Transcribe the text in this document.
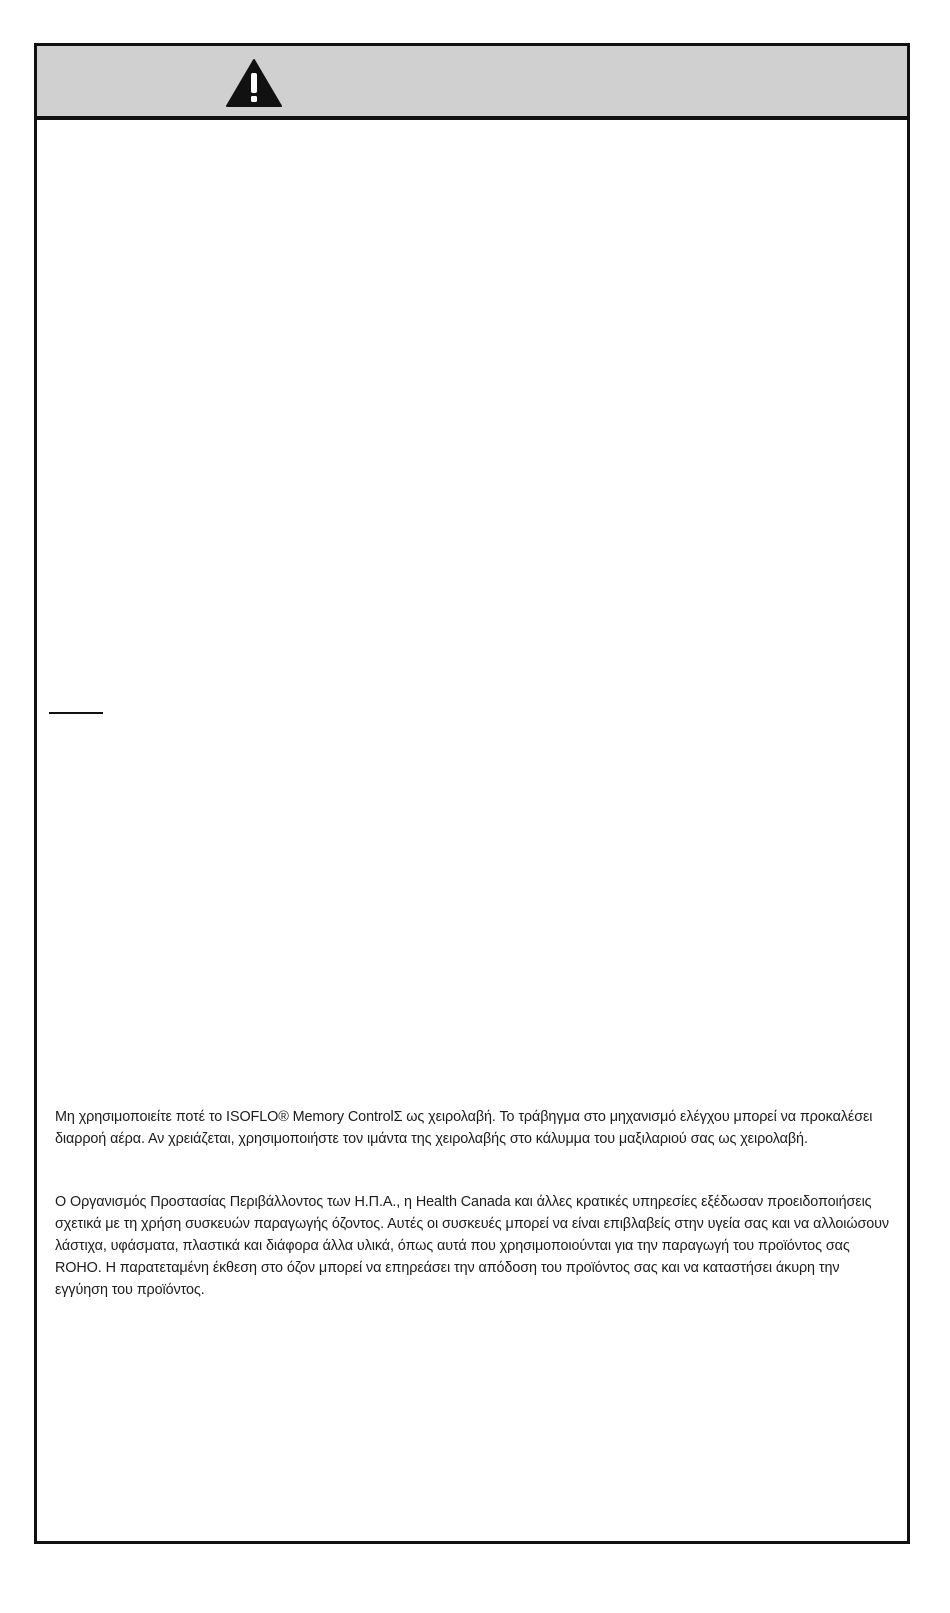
Μη χρησιμοποιείτε ποτέ το ISOFLO® Memory ControlΣ ως χειρολαβή. Το τράβηγμα στο μηχανισμό ελέγχου μπορεί να προκαλέσει διαρροή αέρα. Αν χρειάζεται, χρησιμοποιήστε τον ιμάντα της χειρολαβής στο κάλυμμα του μαξιλαριού σας ως χειρολαβή.
Ο Οργανισμός Προστασίας Περιβάλλοντος των Η.Π.Α., η Health Canada και άλλες κρατικές υπηρεσίες εξέδωσαν προειδοποιήσεις σχετικά με τη χρήση συσκευών παραγωγής όζοντος. Αυτές οι συσκευές μπορεί να είναι επιβλαβείς στην υγεία σας και να αλλοιώσουν λάστιχα, υφάσματα, πλαστικά και διάφορα άλλα υλικά, όπως αυτά που χρησιμοποιούνται για την παραγωγή του προϊόντος σας ROHO. Η παρατεταμένη έκθεση στο όζον μπορεί να επηρεάσει την απόδοση του προϊόντος σας και να καταστήσει άκυρη την εγγύηση του προϊόντος.
